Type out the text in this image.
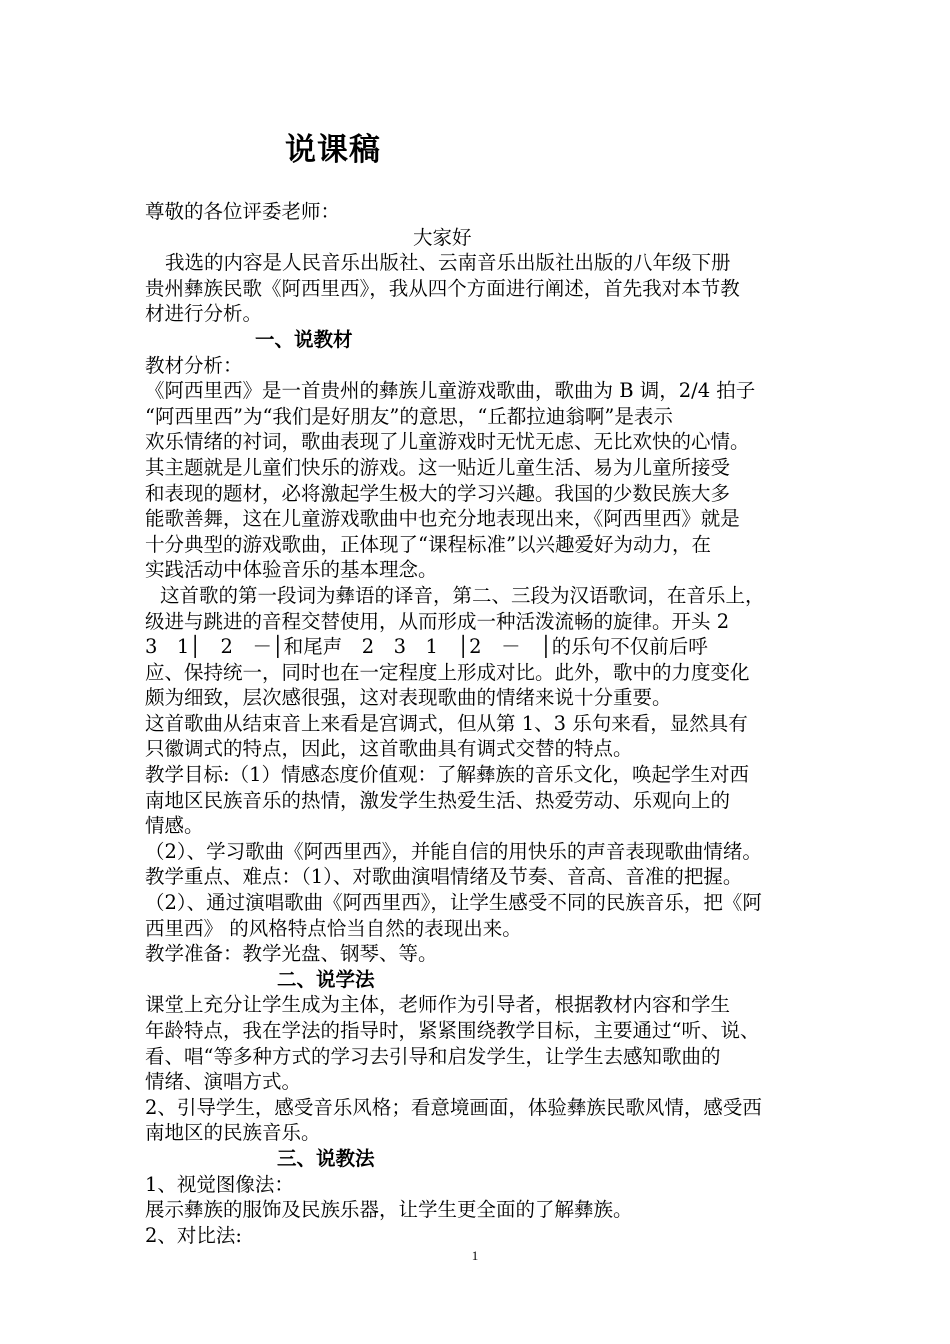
说课稿
尊敬的各位评委老师：
大家好
我选的内容是人民音乐出版社、云南音乐出版社出版的八年级下册
贵州彝族民歌《阿西里西》，我从四个方面进行阐述，首先我对本节教
材进行分析。
一、说教材
教材分析：
《阿西里西》是一首贵州的彝族儿童游戏歌曲，歌曲为 B 调，2/4 拍子
“阿西里西”为“我们是好朋友”的意思，“丘都拉迪翁啊”是表示
欢乐情绪的衬词，歌曲表现了儿童游戏时无忧无虑、无比欢快的心情。
其主题就是儿童们快乐的游戏。这一贴近儿童生活、易为儿童所接受
和表现的题材，必将激起学生极大的学习兴趣。我国的少数民族大多
能歌善舞，这在儿童游戏歌曲中也充分地表现出来，《阿西里西》就是
十分典型的游戏歌曲，正体现了“课程标准”以兴趣爱好为动力，在
实践活动中体验音乐的基本理念。
这首歌的第一段词为彝语的译音，第二、三段为汉语歌词，在音乐上，
级进与跳进的音程交替使用，从而形成一种活泼流畅的旋律。开头 2
3　1│　2　－│和尾声　2　3　1　│2　－　│的乐句不仅前后呼
应、保持统一，同时也在一定程度上形成对比。此外，歌中的力度变化
颇为细致，层次感很强，这对表现歌曲的情绪来说十分重要。
这首歌曲从结束音上来看是宫调式，但从第 1、3 乐句来看，显然具有
只徽调式的特点，因此，这首歌曲具有调式交替的特点。
教学目标:（1）情感态度价值观：了解彝族的音乐文化，唤起学生对西
南地区民族音乐的热情，激发学生热爱生活、热爱劳动、乐观向上的
情感。
（2）、学习歌曲《阿西里西》，并能自信的用快乐的声音表现歌曲情绪。
教学重点、难点：（1）、对歌曲演唱情绪及节奏、音高、音准的把握。
（2）、通过演唱歌曲《阿西里西》，让学生感受不同的民族音乐，把《阿
西里西》 的风格特点恰当自然的表现出来。
教学准备：教学光盘、钢琴、等。
二、说学法
课堂上充分让学生成为主体，老师作为引导者，根据教材内容和学生
年龄特点，我在学法的指导时，紧紧围绕教学目标，主要通过“听、说、
看、唱“等多种方式的学习去引导和启发学生，让学生去感知歌曲的
情绪、演唱方式。
2、引导学生，感受音乐风格；看意境画面，体验彝族民歌风情，感受西
南地区的民族音乐。
三、说教法
1、视觉图像法：
展示彝族的服饰及民族乐器，让学生更全面的了解彝族。
2、对比法:
1
